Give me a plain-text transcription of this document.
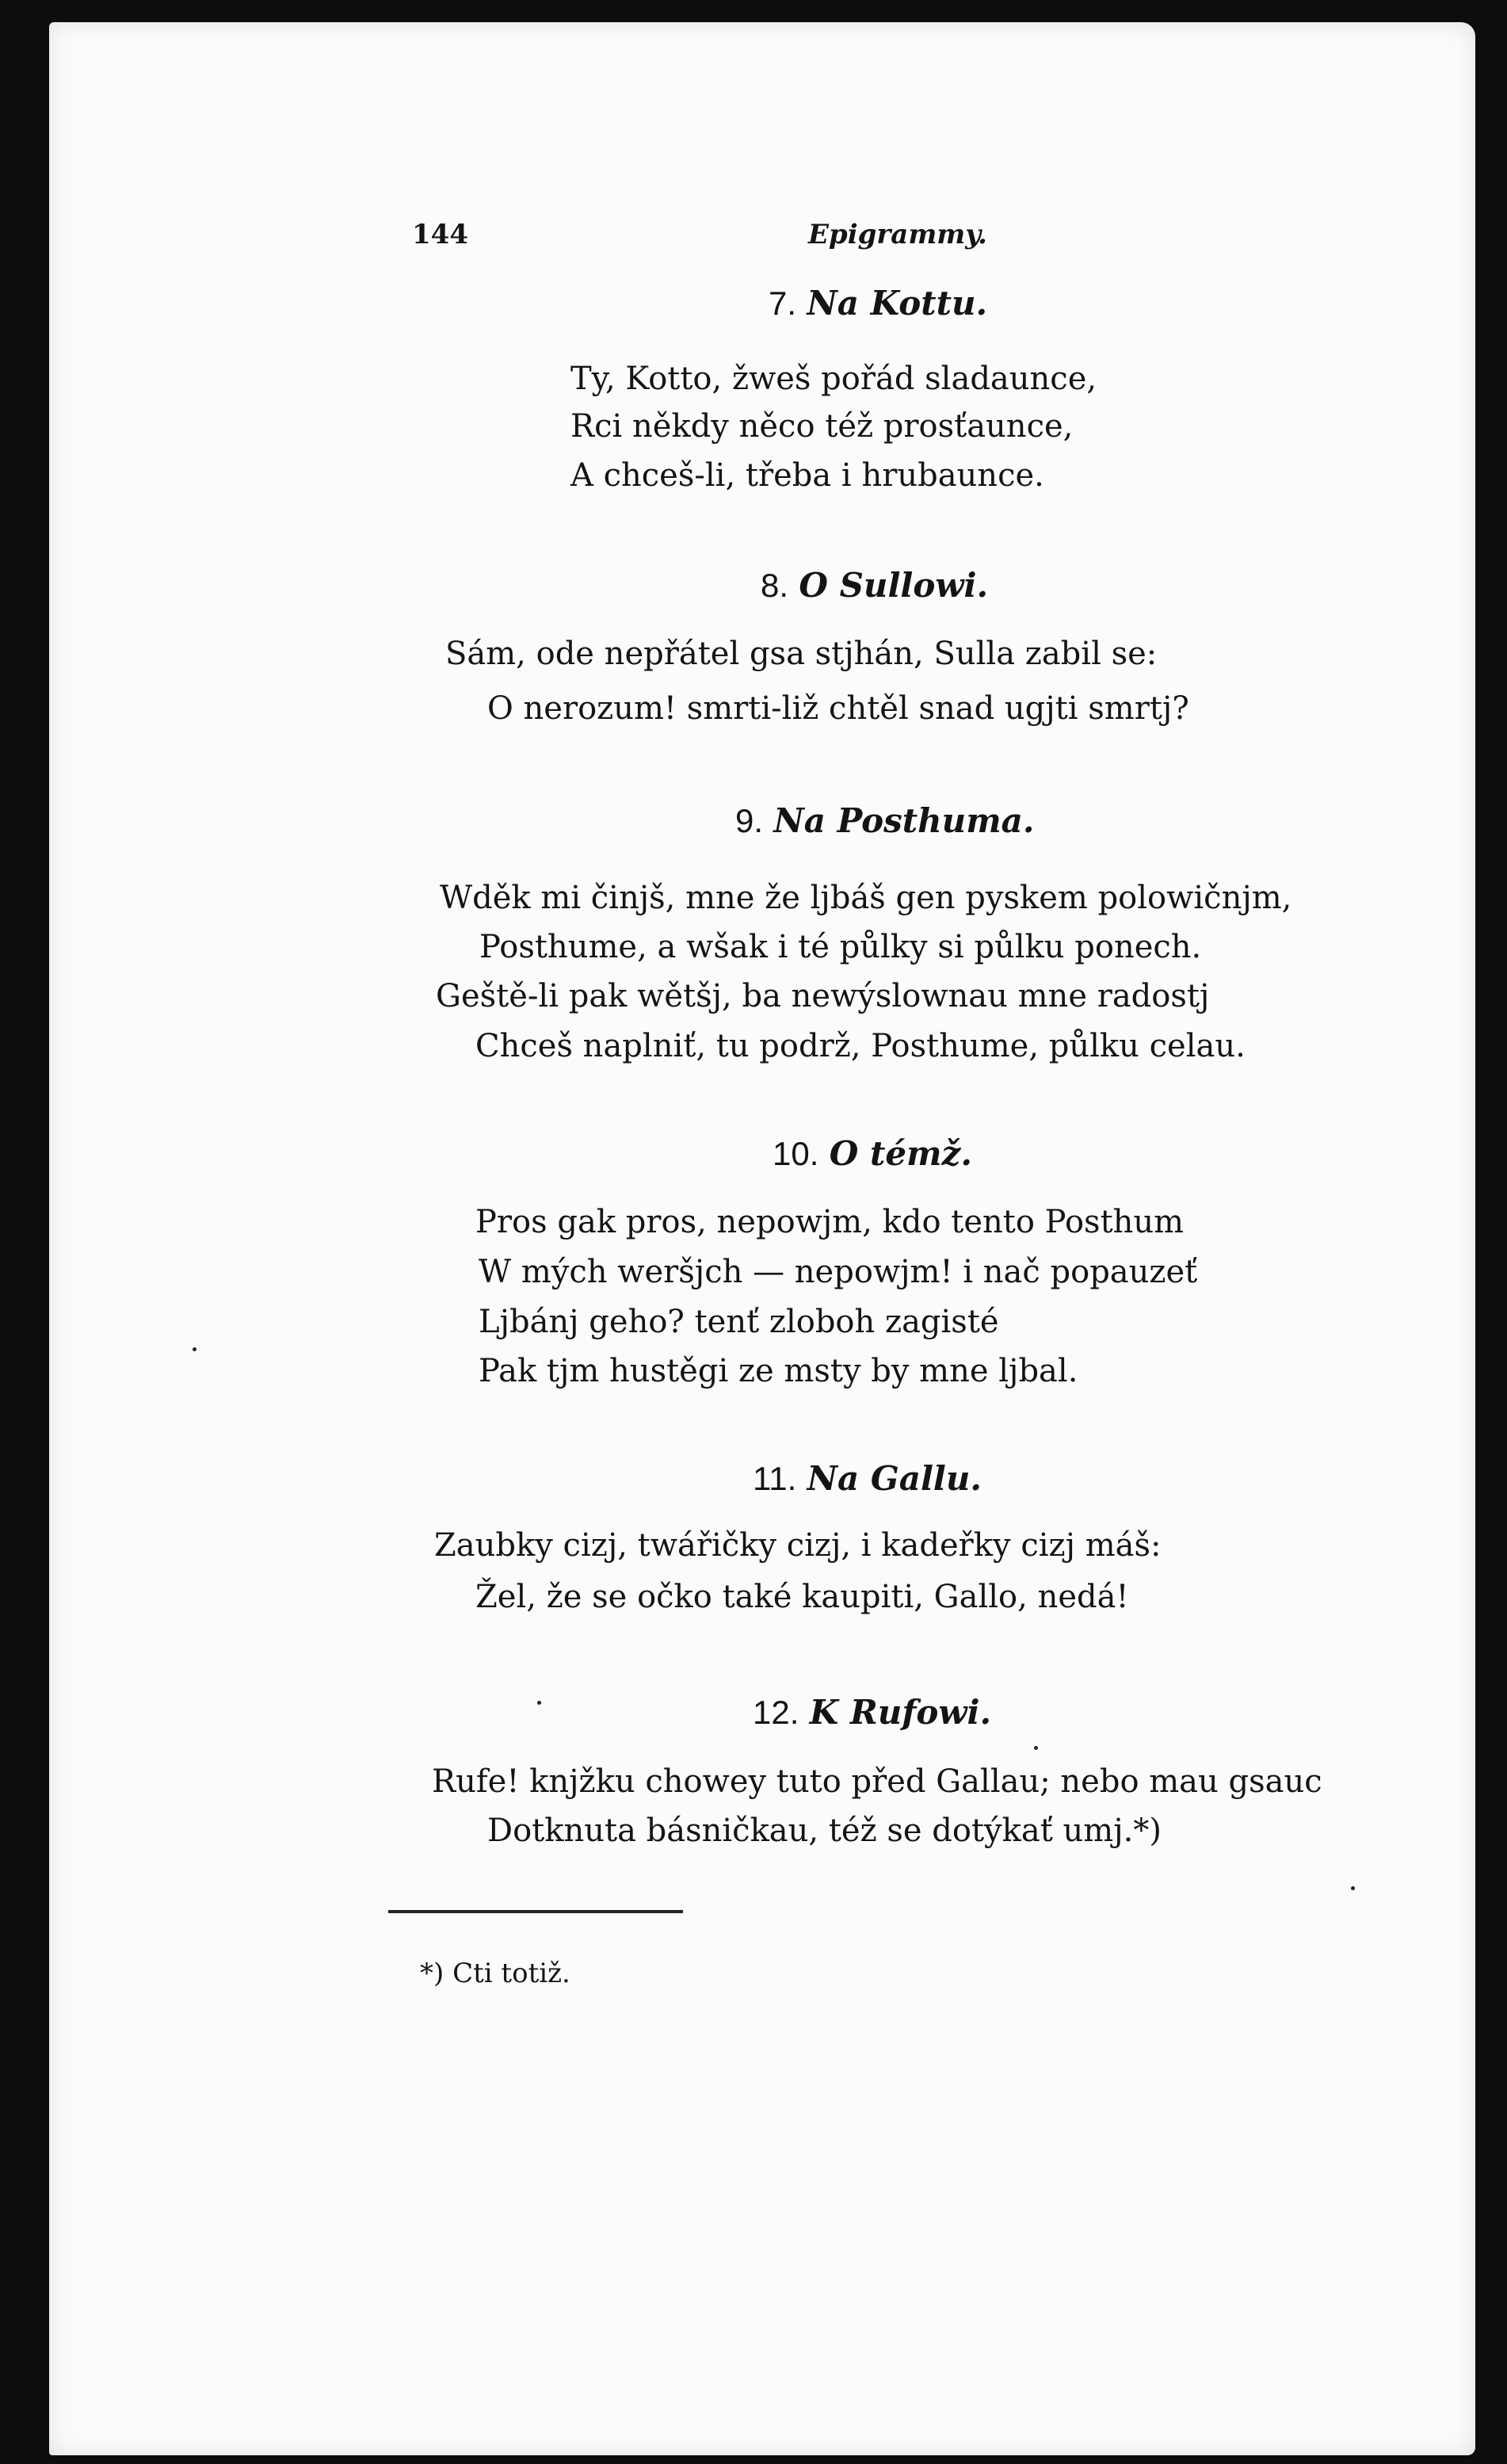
144	Epigrammy.
7. Na Kottu.
Ty, Kotto, žweš pořád sladaunce,
Rci někdy něco též prosťaunce,
A chceš-li, třeba i hrubaunce.
8. O Sullowi.
Sám, ode nepřátel gsa stjhán, Sulla zabil se:
O nerozum! smrti-liž chtěl snad ugjti smrtj?
9. Na Posthuma.
Wděk mi činjš, mne že ljbáš gen pyskem polowičnjm,
Posthume, a wšak i té půlky si půlku ponech.
Geště-li pak wětšj, ba newýslownau mne radostj
Chceš naplniť, tu podrž, Posthume, půlku celau.
10. O témž.
Pros gak pros, nepowjm, kdo tento Posthum
W mých weršjch — nepowjm! i nač popauzeť
Ljbánj geho? tenť zloboh zagisté
Pak tjm hustěgi ze msty by mne ljbal.
11. Na Gallu.
Zaubky cizj, twářičky cizj, i kadeřky cizj máš:
Žel, že se očko také kaupiti, Gallo, nedá!
12. K Rufowi.
Rufe! knjžku chowey tuto před Gallau; nebo mau gsauc
Dotknuta básničkau, též se dotýkať umj.*)
*) Cti totiž.
